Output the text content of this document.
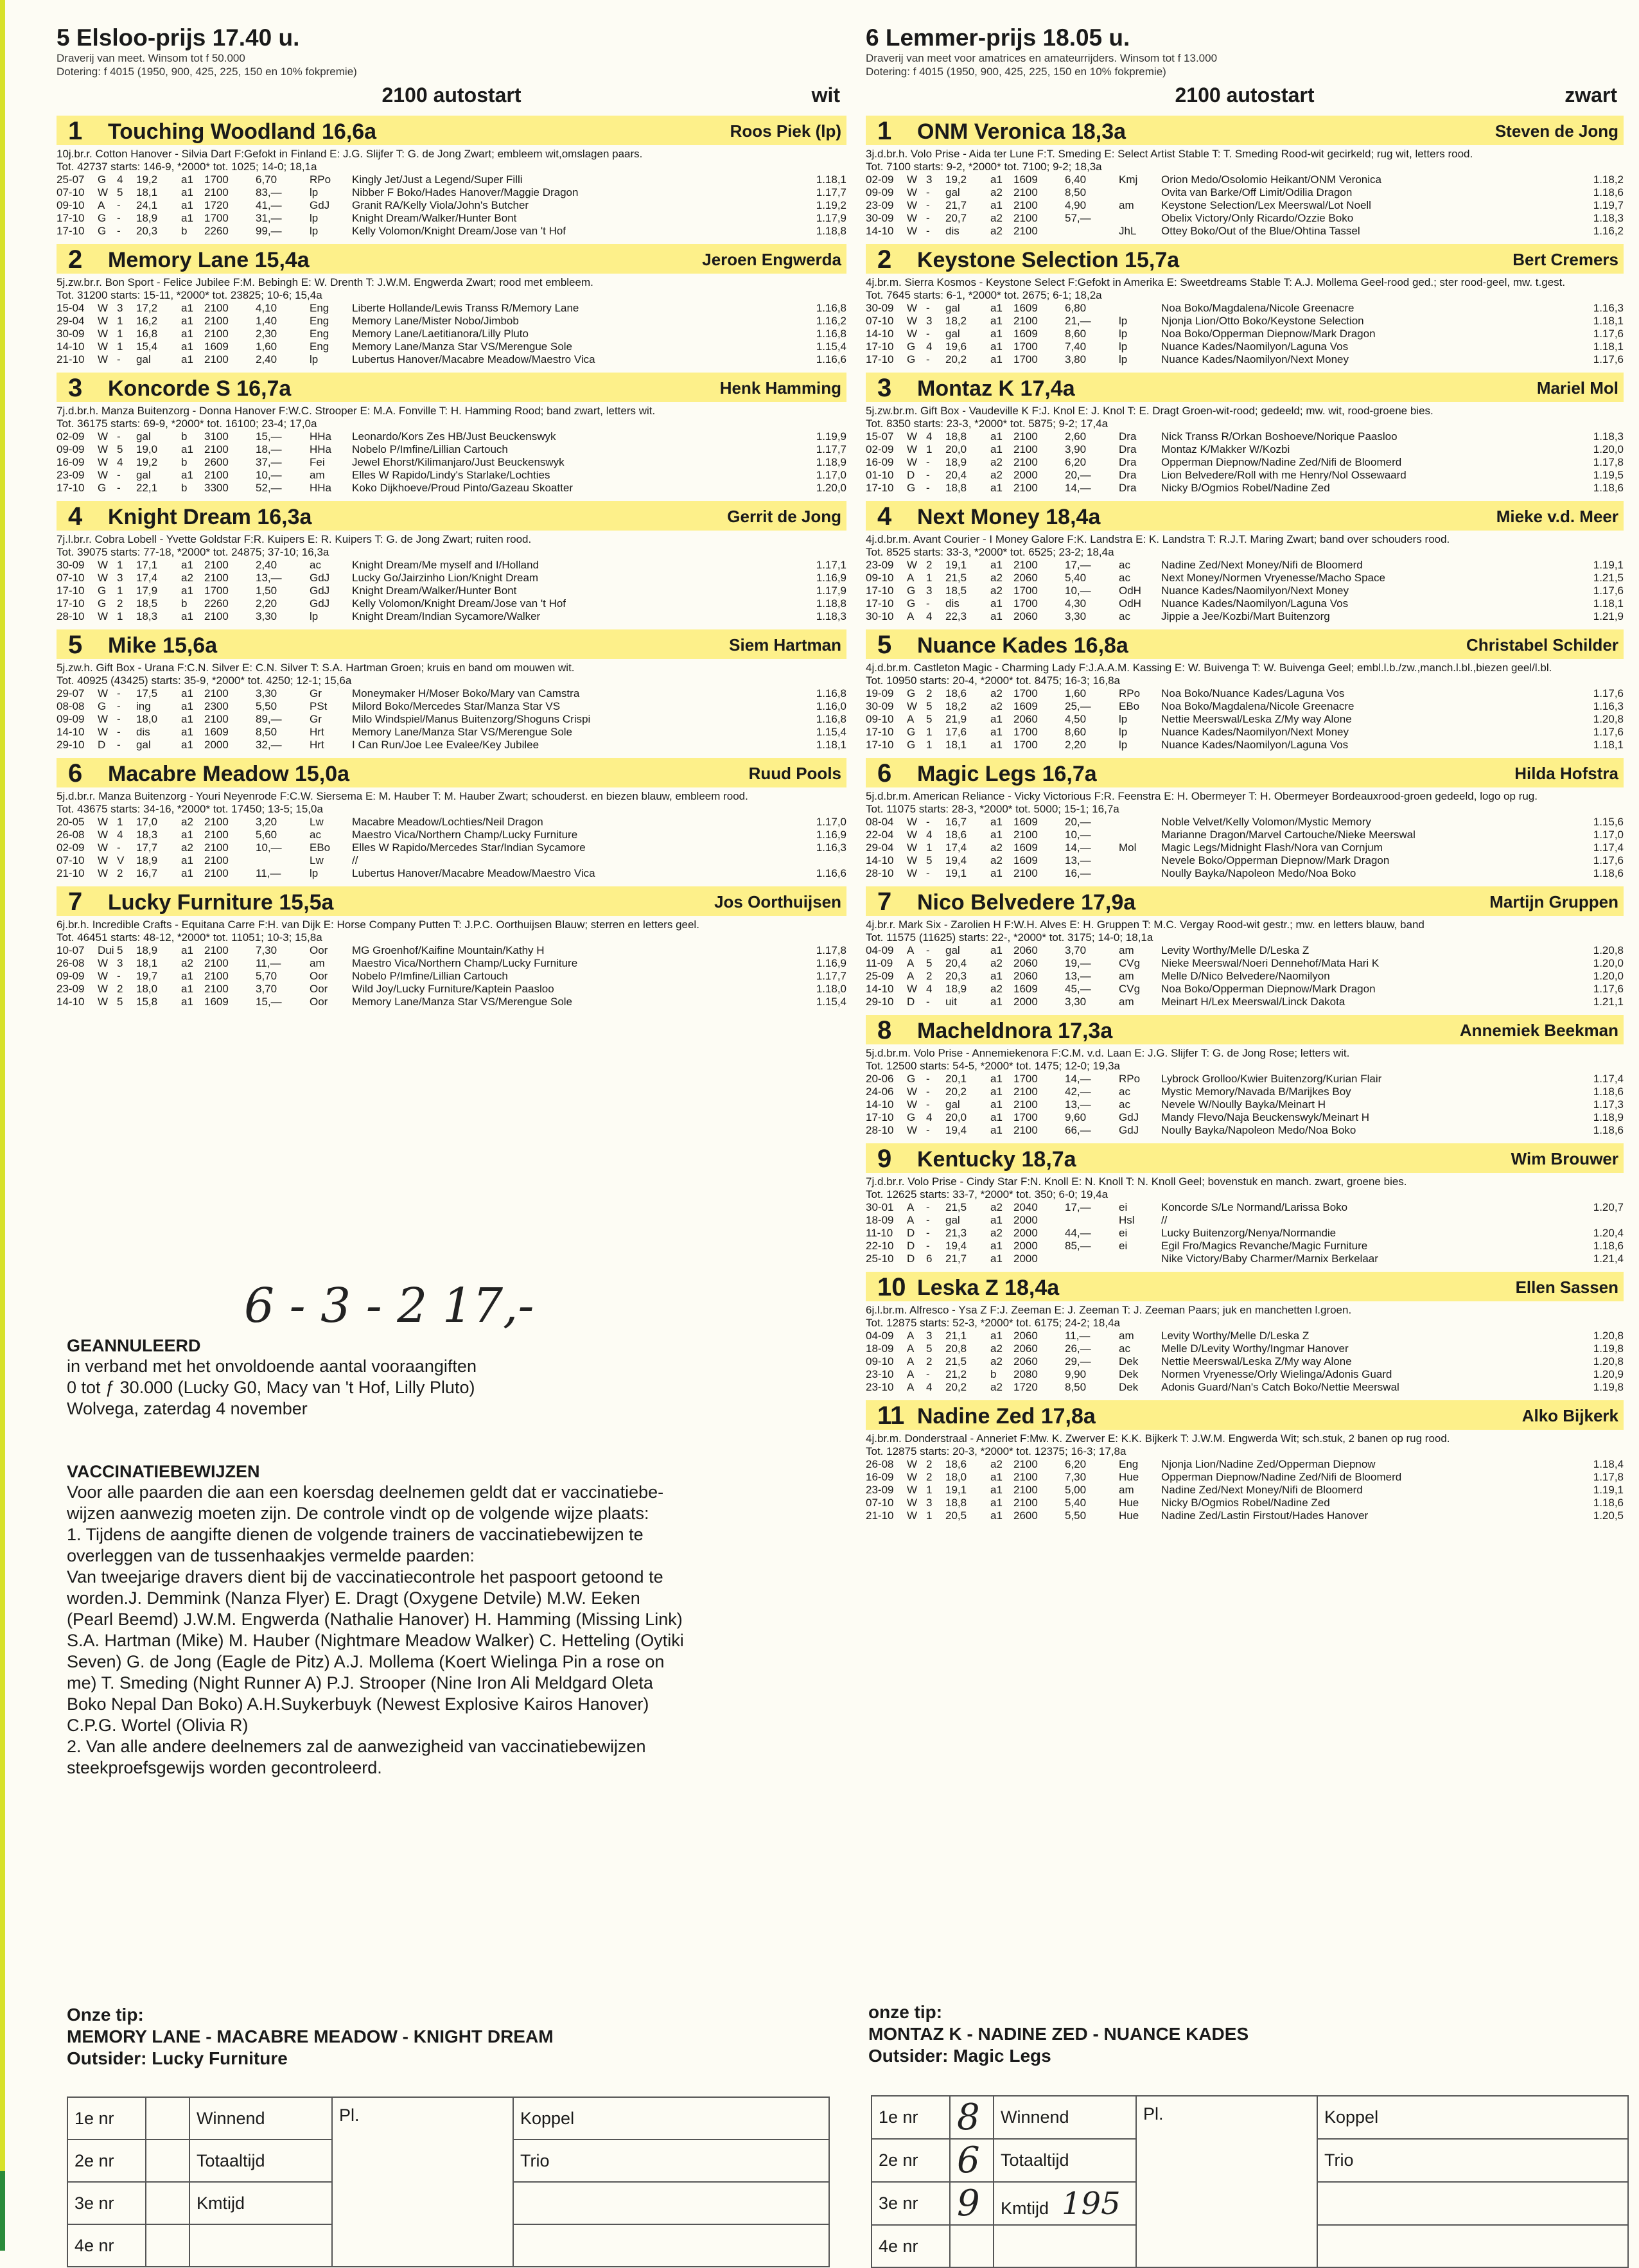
5 Elsloo-prijs 17.40 u.
Draverij van meet. Winsom tot f 50.000
Dotering: f 4015 (1950, 900, 425, 225, 150 en 10% fokpremie)
2100 autostart	wit
1 Touching Woodland 16,6a	Roos Piek (lp)
10j.br.r. Cotton Hanover - Silvia Dart F:Gefokt in Finland E: J.G. Slijfer T: G. de Jong Zwart; embleem wit,omslagen paars.
Tot. 42737 starts: 146-9, *2000* tot. 1025; 14-0; 18,1a
25-07	G	4	19,2	a1	1700	6,70	RPo	Kingly Jet/Just a Legend/Super Filli	1.18,1
07-10	W	5	18,1	a1	2100	83,—	lp	Nibber F Boko/Hades Hanover/Maggie Dragon	1.17,7
09-10	A	-	24,1	a1	1720	41,—	GdJ	Granit RA/Kelly Viola/John's Butcher	1.19,2
17-10	G	-	18,9	a1	1700	31,—	lp	Knight Dream/Walker/Hunter Bont	1.17,9
17-10	G	-	20,3	b	2260	99,—	lp	Kelly Volomon/Knight Dream/Jose van 't Hof	1.18,8
2 Memory Lane 15,4a	Jeroen Engwerda
5j.zw.br.r. Bon Sport - Felice Jubilee F:M. Bebingh E: W. Drenth T: J.W.M. Engwerda Zwart; rood met embleem.
Tot. 31200 starts: 15-11, *2000* tot. 23825; 10-6; 15,4a
15-04	W	3	17,2	a1	2100	4,10	Eng	Liberte Hollande/Lewis Transs R/Memory Lane	1.16,8
29-04	W	1	16,2	a1	2100	1,40	Eng	Memory Lane/Mister Nobo/Jimbob	1.16,2
30-09	W	1	16,8	a1	2100	2,30	Eng	Memory Lane/Laetitianora/Lilly Pluto	1.16,8
14-10	W	1	15,4	a1	1609	1,60	Eng	Memory Lane/Manza Star VS/Merengue Sole	1.15,4
21-10	W	-	gal	a1	2100	2,40	lp	Lubertus Hanover/Macabre Meadow/Maestro Vica	1.16,6
3 Koncorde S 16,7a	Henk Hamming
7j.d.br.h. Manza Buitenzorg - Donna Hanover F:W.C. Strooper E: M.A. Fonville T: H. Hamming Rood; band zwart, letters wit.
Tot. 36175 starts: 69-9, *2000* tot. 16100; 23-4; 17,0a
02-09	W	-	gal	b	3100	15,—	HHa	Leonardo/Kors Zes HB/Just Beuckenswyk	1.19,9
09-09	W	5	19,0	a1	2100	18,—	HHa	Nobelo P/Imfine/Lillian Cartouch	1.17,7
16-09	W	4	19,2	b	2600	37,—	Fei	Jewel Ehorst/Kilimanjaro/Just Beuckenswyk	1.18,9
23-09	W	-	gal	a1	2100	10,—	am	Elles W Rapido/Lindy's Starlake/Lochties	1.17,0
17-10	G	-	22,1	b	3300	52,—	HHa	Koko Dijkhoeve/Proud Pinto/Gazeau Skoatter	1.20,0
4 Knight Dream 16,3a	Gerrit de Jong
7j.l.br.r. Cobra Lobell - Yvette Goldstar F:R. Kuipers E: R. Kuipers T: G. de Jong Zwart; ruiten rood.
Tot. 39075 starts: 77-18, *2000* tot. 24875; 37-10; 16,3a
30-09	W	1	17,1	a1	2100	2,40	ac	Knight Dream/Me myself and I/Holland	1.17,1
07-10	W	3	17,4	a2	2100	13,—	GdJ	Lucky Go/Jairzinho Lion/Knight Dream	1.16,9
17-10	G	1	17,9	a1	1700	1,50	GdJ	Knight Dream/Walker/Hunter Bont	1.17,9
17-10	G	2	18,5	b	2260	2,20	GdJ	Kelly Volomon/Knight Dream/Jose van 't Hof	1.18,8
28-10	W	1	18,3	a1	2100	3,30	lp	Knight Dream/Indian Sycamore/Walker	1.18,3
5 Mike 15,6a	Siem Hartman
5j.zw.h. Gift Box - Urana F:C.N. Silver E: C.N. Silver T: S.A. Hartman Groen; kruis en band om mouwen wit.
Tot. 40925 (43425) starts: 35-9, *2000* tot. 4250; 12-1; 15,6a
29-07	W	-	17,5	a1	2100	3,30	Gr	Moneymaker H/Moser Boko/Mary van Camstra	1.16,8
08-08	G	-	ing	a1	2300	5,50	PSt	Milord Boko/Mercedes Star/Manza Star VS	1.16,0
09-09	W	-	18,0	a1	2100	89,—	Gr	Milo Windspiel/Manus Buitenzorg/Shoguns Crispi	1.16,8
14-10	W	-	dis	a1	1609	8,50	Hrt	Memory Lane/Manza Star VS/Merengue Sole	1.15,4
29-10	D	-	gal	a1	2000	32,—	Hrt	I Can Run/Joe Lee Evalee/Key Jubilee	1.18,1
6 Macabre Meadow 15,0a	Ruud Pools
5j.d.br.r. Manza Buitenzorg - Youri Neyenrode F:C.W. Siersema E: M. Hauber T: M. Hauber Zwart; schouderst. en biezen blauw, embleem rood.
Tot. 43675 starts: 34-16, *2000* tot. 17450; 13-5; 15,0a
20-05	W	1	17,0	a2	2100	3,20	Lw	Macabre Meadow/Lochties/Neil Dragon	1.17,0
26-08	W	4	18,3	a1	2100	5,60	ac	Maestro Vica/Northern Champ/Lucky Furniture	1.16,9
02-09	W	-	17,7	a2	2100	10,—	EBo	Elles W Rapido/Mercedes Star/Indian Sycamore	1.16,3
07-10	W	V	18,9	a1	2100		Lw	//	
21-10	W	2	16,7	a1	2100	11,—	lp	Lubertus Hanover/Macabre Meadow/Maestro Vica	1.16,6
7 Lucky Furniture 15,5a	Jos Oorthuijsen
6j.br.h. Incredible Crafts - Equitana Carre F:H. van Dijk E: Horse Company Putten T: J.P.C. Oorthuijsen Blauw; sterren en letters geel.
Tot. 46451 starts: 48-12, *2000* tot. 11051; 10-3; 15,8a
10-07	Dui	5	18,9	a1	2100	7,30	Oor	MG Groenhof/Kaifine Mountain/Kathy H	1.17,8
26-08	W	3	18,1	a2	2100	11,—	am	Maestro Vica/Northern Champ/Lucky Furniture	1.16,9
09-09	W	-	19,7	a1	2100	5,70	Oor	Nobelo P/Imfine/Lillian Cartouch	1.17,7
23-09	W	2	18,0	a1	2100	3,70	Oor	Wild Joy/Lucky Furniture/Kaptein Paasloo	1.18,0
14-10	W	5	15,8	a1	1609	15,—	Oor	Memory Lane/Manza Star VS/Merengue Sole	1.15,4
6 Lemmer-prijs 18.05 u.
Draverij van meet voor amatrices en amateurrijders. Winsom tot f 13.000
Dotering: f 4015 (1950, 900, 425, 225, 150 en 10% fokpremie)
2100 autostart	zwart
1 ONM Veronica 18,3a	Steven de Jong
3j.d.br.h. Volo Prise - Aida ter Lune F:T. Smeding E: Select Artist Stable T: T. Smeding Rood-wit gecirkeld; rug wit, letters rood.
Tot. 7100 starts: 9-2, *2000* tot. 7100; 9-2; 18,3a
02-09	W	3	19,2	a1	1609	6,40	Kmj	Orion Medo/Osolomio Heikant/ONM Veronica	1.18,2
09-09	W	-	gal	a2	2100	8,50		Ovita van Barke/Off Limit/Odilia Dragon	1.18,6
23-09	W	-	21,7	a1	2100	4,90	am	Keystone Selection/Lex Meerswal/Lot Noell	1.19,7
30-09	W	-	20,7	a2	2100	57,—		Obelix Victory/Only Ricardo/Ozzie Boko	1.18,3
14-10	W	-	dis	a2	2100		JhL	Ottey Boko/Out of the Blue/Ohtina Tassel	1.16,2
2 Keystone Selection 15,7a	Bert Cremers
4j.br.m. Sierra Kosmos - Keystone Select F:Gefokt in Amerika E: Sweetdreams Stable T: A.J. Mollema Geel-rood ged.; ster rood-geel, mw. t.gest.
Tot. 7645 starts: 6-1, *2000* tot. 2675; 6-1; 18,2a
30-09	W	-	gal	a1	1609	6,80		Noa Boko/Magdalena/Nicole Greenacre	1.16,3
07-10	W	3	18,2	a1	2100	21,—	lp	Njonja Lion/Otto Boko/Keystone Selection	1.18,1
14-10	W	-	gal	a1	1609	8,60	lp	Noa Boko/Opperman Diepnow/Mark Dragon	1.17,6
17-10	G	4	19,6	a1	1700	7,40	lp	Nuance Kades/Naomilyon/Laguna Vos	1.18,1
17-10	G	-	20,2	a1	1700	3,80	lp	Nuance Kades/Naomilyon/Next Money	1.17,6
3 Montaz K 17,4a	Mariel Mol
5j.zw.br.m. Gift Box - Vaudeville K F:J. Knol E: J. Knol T: E. Dragt Groen-wit-rood; gedeeld; mw. wit, rood-groene bies.
Tot. 8350 starts: 23-3, *2000* tot. 5875; 9-2; 17,4a
15-07	W	4	18,8	a1	2100	2,60	Dra	Nick Transs R/Orkan Boshoeve/Norique Paasloo	1.18,3
02-09	W	1	20,0	a1	2100	3,90	Dra	Montaz K/Makker W/Kozbi	1.20,0
16-09	W	-	18,9	a2	2100	6,20	Dra	Opperman Diepnow/Nadine Zed/Nifi de Bloomerd	1.17,8
01-10	D	-	20,4	a2	2000	20,—	Dra	Lion Belvedere/Roll with me Henry/Nol Ossewaard	1.19,5
17-10	G	-	18,8	a1	2100	14,—	Dra	Nicky B/Ogmios Robel/Nadine Zed	1.18,6
4 Next Money 18,4a	Mieke v.d. Meer
4j.d.br.m. Avant Courier - I Money Galore F:K. Landstra E: K. Landstra T: R.J.T. Maring Zwart; band over schouders rood.
Tot. 8525 starts: 33-3, *2000* tot. 6525; 23-2; 18,4a
23-09	W	2	19,1	a1	2100	17,—	ac	Nadine Zed/Next Money/Nifi de Bloomerd	1.19,1
09-10	A	1	21,5	a2	2060	5,40	ac	Next Money/Normen Vryenesse/Macho Space	1.21,5
17-10	G	3	18,5	a2	1700	10,—	OdH	Nuance Kades/Naomilyon/Next Money	1.17,6
17-10	G	-	dis	a1	1700	4,30	OdH	Nuance Kades/Naomilyon/Laguna Vos	1.18,1
30-10	A	4	22,3	a1	2060	3,30	ac	Jippie a Jee/Kozbi/Mart Buitenzorg	1.21,9
5 Nuance Kades 16,8a	Christabel Schilder
4j.d.br.m. Castleton Magic - Charming Lady F:J.A.A.M. Kassing E: W. Buivenga T: W. Buivenga Geel; embl.l.b./zw.,manch.l.bl.,biezen geel/l.bl.
Tot. 10950 starts: 20-4, *2000* tot. 8475; 16-3; 16,8a
19-09	G	2	18,6	a2	1700	1,60	RPo	Noa Boko/Nuance Kades/Laguna Vos	1.17,6
30-09	W	5	18,2	a2	1609	25,—	EBo	Noa Boko/Magdalena/Nicole Greenacre	1.16,3
09-10	A	5	21,9	a1	2060	4,50	lp	Nettie Meerswal/Leska Z/My way Alone	1.20,8
17-10	G	1	17,6	a1	1700	8,60	lp	Nuance Kades/Naomilyon/Next Money	1.17,6
17-10	G	1	18,1	a1	1700	2,20	lp	Nuance Kades/Naomilyon/Laguna Vos	1.18,1
6 Magic Legs 16,7a	Hilda Hofstra
5j.d.br.m. American Reliance - Vicky Victorious F:R. Feenstra E: H. Obermeyer T: H. Obermeyer Bordeauxrood-groen gedeeld, logo op rug.
Tot. 11075 starts: 28-3, *2000* tot. 5000; 15-1; 16,7a
08-04	W	-	16,7	a1	1609	20,—		Noble Velvet/Kelly Volomon/Mystic Memory	1.15,6
22-04	W	4	18,6	a1	2100	10,—		Marianne Dragon/Marvel Cartouche/Nieke Meerswal	1.17,0
29-04	W	1	17,4	a2	1609	14,—	Mol	Magic Legs/Midnight Flash/Nora van Cornjum	1.17,4
14-10	W	5	19,4	a2	1609	13,—		Nevele Boko/Opperman Diepnow/Mark Dragon	1.17,6
28-10	W	-	19,1	a1	2100	16,—		Noully Bayka/Napoleon Medo/Noa Boko	1.18,6
7 Nico Belvedere 17,9a	Martijn Gruppen
4j.br.r. Mark Six - Zarolien H F:W.H. Alves E: H. Gruppen T: M.C. Vergay Rood-wit gestr.; mw. en letters blauw, band
Tot. 11575 (11625) starts: 22-, *2000* tot. 3175; 14-0; 18,1a
04-09	A	-	gal	a1	2060	3,70	am	Levity Worthy/Melle D/Leska Z	1.20,8
11-09	A	5	20,4	a2	2060	19,—	CVg	Nieke Meerswal/Noeri Dennehof/Mata Hari K	1.20,0
25-09	A	2	20,3	a1	2060	13,—	am	Melle D/Nico Belvedere/Naomilyon	1.20,0
14-10	W	4	18,9	a2	1609	45,—	CVg	Noa Boko/Opperman Diepnow/Mark Dragon	1.17,6
29-10	D	-	uit	a1	2000	3,30	am	Meinart H/Lex Meerswal/Linck Dakota	1.21,1
8 Macheldnora 17,3a	Annemiek Beekman
5j.d.br.m. Volo Prise - Annemiekenora F:C.M. v.d. Laan E: J.G. Slijfer T: G. de Jong Rose; letters wit.
Tot. 12500 starts: 54-5, *2000* tot. 1475; 12-0; 19,3a
20-06	G	-	20,1	a1	1700	14,—	RPo	Lybrock Grolloo/Kwier Buitenzorg/Kurian Flair	1.17,4
24-06	W	-	20,2	a1	2100	42,—	ac	Mystic Memory/Navada B/Marijkes Boy	1.18,6
14-10	W	-	gal	a1	2100	13,—	ac	Nevele W/Noully Bayka/Meinart H	1.17,3
17-10	G	4	20,0	a1	1700	9,60	GdJ	Mandy Flevo/Naja Beuckenswyk/Meinart H	1.18,9
28-10	W	-	19,4	a1	2100	66,—	GdJ	Noully Bayka/Napoleon Medo/Noa Boko	1.18,6
9 Kentucky 18,7a	Wim Brouwer
7j.d.br.r. Volo Prise - Cindy Star F:N. Knoll E: N. Knoll T: N. Knoll Geel; bovenstuk en manch. zwart, groene bies.
Tot. 12625 starts: 33-7, *2000* tot. 350; 6-0; 19,4a
30-01	A	-	21,5	a2	2040	17,—	ei	Koncorde S/Le Normand/Larissa Boko	1.20,7
18-09	A	-	gal	a1	2000		Hsl	//	
11-10	D	-	21,3	a2	2000	44,—	ei	Lucky Buitenzorg/Nenya/Normandie	1.20,4
22-10	D	-	19,4	a1	2000	85,—	ei	Egil Fro/Magics Revanche/Magic Furniture	1.18,6
25-10	D	6	21,7	a1	2000			Nike Victory/Baby Charmer/Marnix Berkelaar	1.21,4
10 Leska Z 18,4a	Ellen Sassen
6j.l.br.m. Alfresco - Ysa Z F:J. Zeeman E: J. Zeeman T: J. Zeeman Paars; juk en manchetten l.groen.
Tot. 12875 starts: 52-3, *2000* tot. 6175; 24-2; 18,4a
04-09	A	3	21,1	a1	2060	11,—	am	Levity Worthy/Melle D/Leska Z	1.20,8
18-09	A	5	20,8	a2	2060	26,—	ac	Melle D/Levity Worthy/Ingmar Hanover	1.19,8
09-10	A	2	21,5	a2	2060	29,—	Dek	Nettie Meerswal/Leska Z/My way Alone	1.20,8
23-10	A	-	21,2	b	2080	9,90	Dek	Normen Vryenesse/Orly Wielinga/Adonis Guard	1.20,9
23-10	A	4	20,2	a2	1720	8,50	Dek	Adonis Guard/Nan's Catch Boko/Nettie Meerswal	1.19,8
11 Nadine Zed 17,8a	Alko Bijkerk
4j.br.m. Donderstraal - Anneriet F:Mw. K. Zwerver E: K.K. Bijkerk T: J.W.M. Engwerda Wit; sch.stuk, 2 banen op rug rood.
Tot. 12875 starts: 20-3, *2000* tot. 12375; 16-3; 17,8a
26-08	W	2	18,6	a2	2100	6,20	Eng	Njonja Lion/Nadine Zed/Opperman Diepnow	1.18,4
16-09	W	2	18,0	a1	2100	7,30	Hue	Opperman Diepnow/Nadine Zed/Nifi de Bloomerd	1.17,8
23-09	W	1	19,1	a1	2100	5,00	am	Nadine Zed/Next Money/Nifi de Bloomerd	1.19,1
07-10	W	3	18,8	a1	2100	5,40	Hue	Nicky B/Ogmios Robel/Nadine Zed	1.18,6
21-10	W	1	20,5	a1	2600	5,50	Hue	Nadine Zed/Lastin Firstout/Hades Hanover	1.20,5
6 - 3 - 2 17,-
GEANNULEERD
in verband met het onvoldoende aantal vooraangiften
0 tot ƒ 30.000 (Lucky G0, Macy van 't Hof, Lilly Pluto)
Wolvega, zaterdag 4 november
VACCINATIEBEWIJZEN
Voor alle paarden die aan een koersdag deelnemen geldt dat er vaccinatiebe-
wijzen aanwezig moeten zijn. De controle vindt op de volgende wijze plaats:
1. Tijdens de aangifte dienen de volgende trainers de vaccinatiebewijzen te
overleggen van de tussenhaakjes vermelde paarden:
Van tweejarige dravers dient bij de vaccinatiecontrole het paspoort getoond te
worden.J. Demmink (Nanza Flyer) E. Dragt (Oxygene Detvile) M.W. Eeken
(Pearl Beemd) J.W.M. Engwerda (Nathalie Hanover) H. Hamming (Missing Link)
S.A. Hartman (Mike) M. Hauber (Nightmare Meadow Walker) C. Hetteling (Oytiki
Seven) G. de Jong (Eagle de Pitz) A.J. Mollema (Koert Wielinga Pin a rose on
me) T. Smeding (Night Runner A) P.J. Strooper (Nine Iron Ali Meldgard Oleta
Boko Nepal Dan Boko) A.H.Suykerbuyk (Newest Explosive Kairos Hanover)
C.P.G. Wortel (Olivia R)
2. Van alle andere deelnemers zal de aanwezigheid van vaccinatiebewijzen
steekproefsgewijs worden gecontroleerd.
Onze tip:
MEMORY LANE - MACABRE MEADOW - KNIGHT DREAM
Outsider: Lucky Furniture
onze tip:
MONTAZ K - NADINE ZED - NUANCE KADES
Outsider: Magic Legs
1e nr		Winnend	Pl.	Koppel
2e nr		Totaaltijd		Trio
3e nr		Kmtijd		
4e nr				
1e nr	8	Winnend	Pl.	Koppel
2e nr	6	Totaaltijd		Trio
3e nr	9	Kmtijd 195		
4e nr				
